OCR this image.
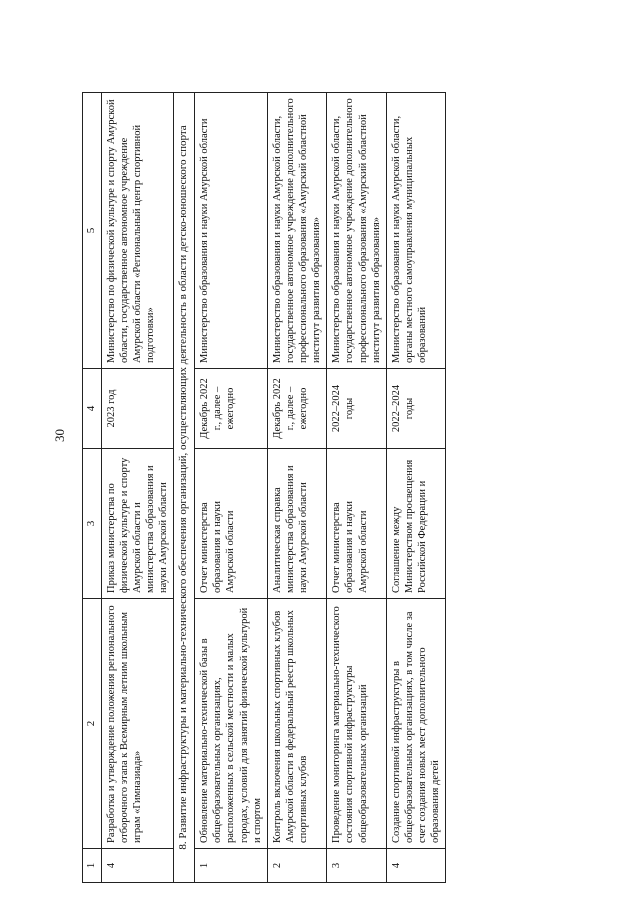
30
1	2	3	4	5
4	Разработка и утверждение положения регионального отборочного этапа к Всемирным летним школьным играм «Гимназиада»	Приказ министерства по физической культуре и спорту Амурской области и министерства образования и науки Амурской области	2023 год	Министерство по физической культуре и спорту Амурской области, государственное автономное учреждение Амурской области «Региональный центр спортивной подготовки»
8. Развитие инфраструктуры и материально-технического обеспечения организаций, осуществляющих деятельность в области детско-юношеского спорта				
1	Обновление материально-технической базы в общеобразовательных организациях, расположенных в сельской местности и малых городах, условий для занятий физической культурой и спортом	Отчет министерства образования и науки Амурской области	Декабрь 2022 г., далее – ежегодно	Министерство образования и науки Амурской области
2	Контроль включения школьных спортивных клубов Амурской области в федеральный реестр школьных спортивных клубов	Аналитическая справка министерства образования и науки Амурской области	Декабрь 2022 г., далее – ежегодно	Министерство образования и науки Амурской области, государственное автономное учреждение дополнительного профессионального образования «Амурский областной институт развития образования»
3	Проведение мониторинга материально-технического состояния спортивной инфраструктуры общеобразовательных организаций	Отчет министерства образования и науки Амурской области	2022–2024 годы	Министерство образования и науки Амурской области, государственное автономное учреждение дополнительного профессионального образования «Амурский областной институт развития образования»
4	Создание спортивной инфраструктуры в общеобразовательных организациях, в том числе за счет создания новых мест дополнительного образования детей	Соглашение между Министерством просвещения Российской Федерации и	2022–2024 годы	Министерство образования и науки Амурской области, органы местного самоуправления муниципальных образований
